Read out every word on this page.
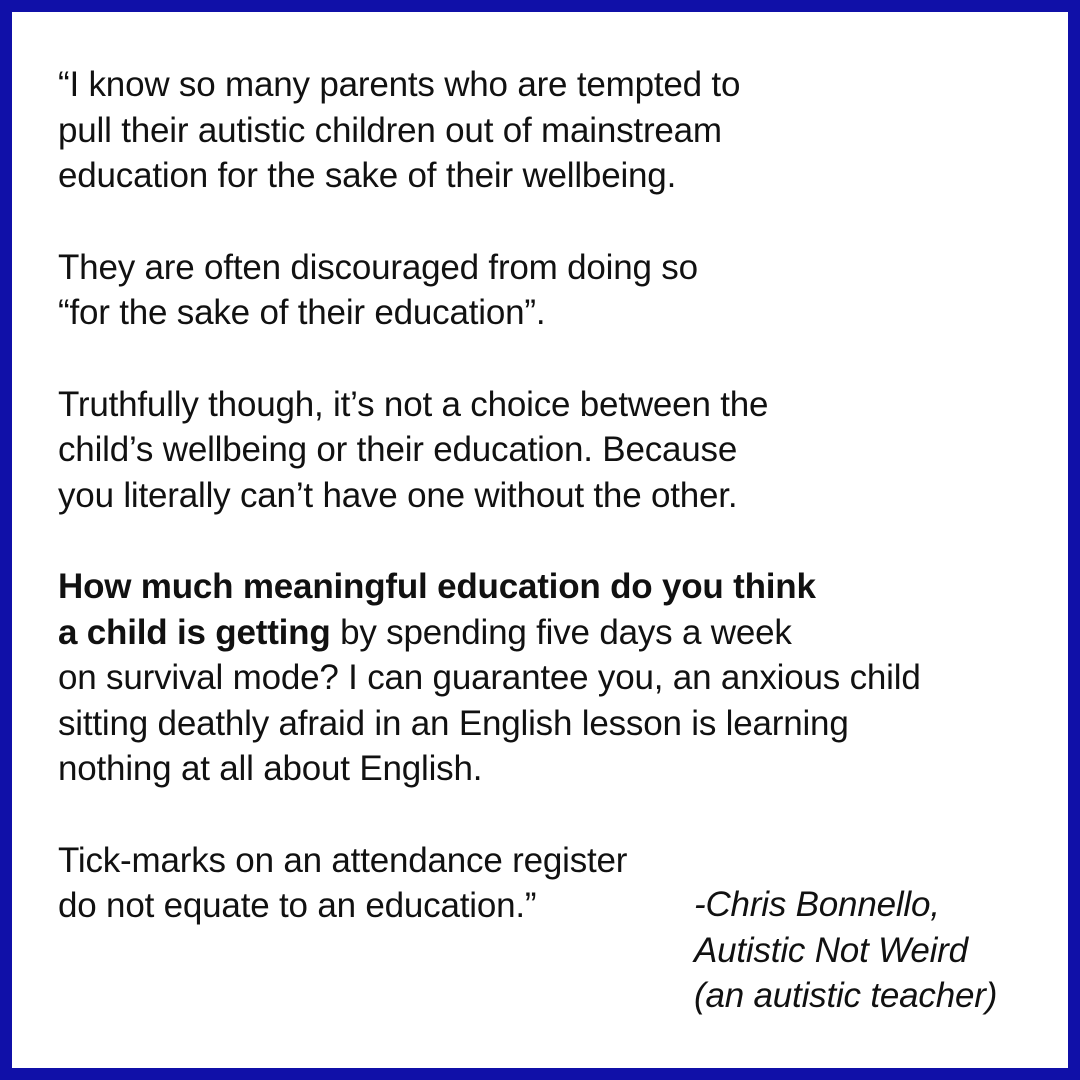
“I know so many parents who are tempted to
pull their autistic children out of mainstream
education for the sake of their wellbeing.
They are often discouraged from doing so
“for the sake of their education”.
Truthfully though, it’s not a choice between the
child’s wellbeing or their education. Because
you literally can’t have one without the other.
How much meaningful education do you think
a child is getting by spending five days a week
on survival mode? I can guarantee you, an anxious child
sitting deathly afraid in an English lesson is learning
nothing at all about English.
Tick-marks on an attendance register
do not equate to an education.”	-Chris Bonnello,
Autistic Not Weird
(an autistic teacher)
